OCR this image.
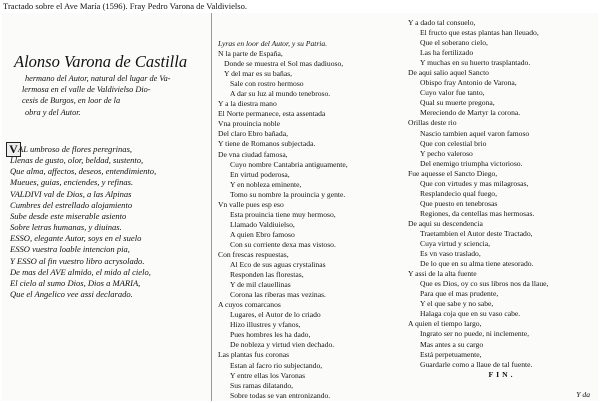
Tractado sobre el Ave María (1596). Fray Pedro Varona de Valdivielso.
Alonso Varona de Castilla
hermano del Autor, natural del lugar de Va-
lermosa en el valle de Valdivielso Dio-
cesis de Burgos, en loor de la
obra y del Autor.
V AL umbroso de flores peregrinas,
Llenas de gusto, olor, beldad, sustento,
Que alma, affectos, deseos, entendimiento,
Mueues, guias, enciendes, y refinas.
VALDIVI val de Dios, a las Alpinas
Cumbres del estrellado alojamiento
Sube desde este miserable asiento
Sobre letras humanas, y diuinas.
ESSO, elegante Autor, soys en el suelo
ESSO vuestra loable intencion pia,
Y ESSO al fin vuestro libro acrysolado.
De mas del AVE almido, el mido al cielo,
El cielo al sumo Dios, Dios a MARIA,
Que el Angelico vee assi declarado.
Lyras en loor del Autor, y su Patria.
N la parte de España,
Donde se muestra el Sol mas dadiuoso,
Y del mar es su bañas,
Sale con rostro hermoso
A dar su luz al mundo tenebroso.
Y a la diestra mano
El Norte permanece, esta assentada
Vna prouincia noble
Del claro Ebro bañada,
Y tiene de Romanos subjectada.
De vna ciudad famosa,
Cuyo nombre Cantabria antiguamente,
En virtud poderosa,
Y en nobleza eminente,
Tomo su nombre la prouincia y gente.
Vn valle pues esp eso
Esta prouincia tiene muy hermoso,
Llamado Valdiuielso,
A quien Ebro famoso
Con su corriente dexa mas vistoso.
Con frescas respuestas,
Al Eco de sus aguas crystalinas
Responden las florestas,
Y de mil clauellinas
Corona las riberas mas vezinas.
A cuyos comarcanos
Lugares, el Autor de lo criado
Hizo illustres y vfanos,
Pues hombres les ha dado,
De nobleza y virtud vien dechado.
Las plantas fus coronas
Estan al facro rio subjectando,
Y entre ellas los Varonas
Sus ramas dilatando,
Sobre todas se van entronizando.
Y a dado tal consuelo,
El fructo que estas plantas han lleuado,
Que el soberano cielo,
Las ha fertilizado
Y muchas en su huerto trasplantado.
De aqui salio aquel Sancto
Obispo fray Antonio de Varona,
Cuyo valor fue tanto,
Qual su muerte pregona,
Mereciendo de Martyr la corona.
Orillas deste rio
Nascio tambien aquel varon famoso
Que con celestial brio
Y pecho valeroso
Del enemigo triumpha victorioso.
Fue aquesse el Sancto Diego,
Que con virtudes y mas milagrosas,
Resplandecio qual fuego,
Que puesto en tenebrosas
Regiones, da centellas mas hermosas.
De aqui su descendencia
Traetambien el Autor deste Tractado,
Cuya virtud y sciencia,
Es vn vaso traslado,
De lo que en su alma tiene atesorado.
Y assi de la alta fuente
Que es Dios, oy co sus libros nos da llaue,
Para que el mas prudente,
Y el que sabe y no sabe,
Halaga coja que en su vaso cabe.
A quien el tiempo largo,
Ingrato ser no puede, ni inclemente,
Mas antes a su cargo
Está perpetuamente,
Guardarle como a llaue de tal fuente.
FIN.
Y da
